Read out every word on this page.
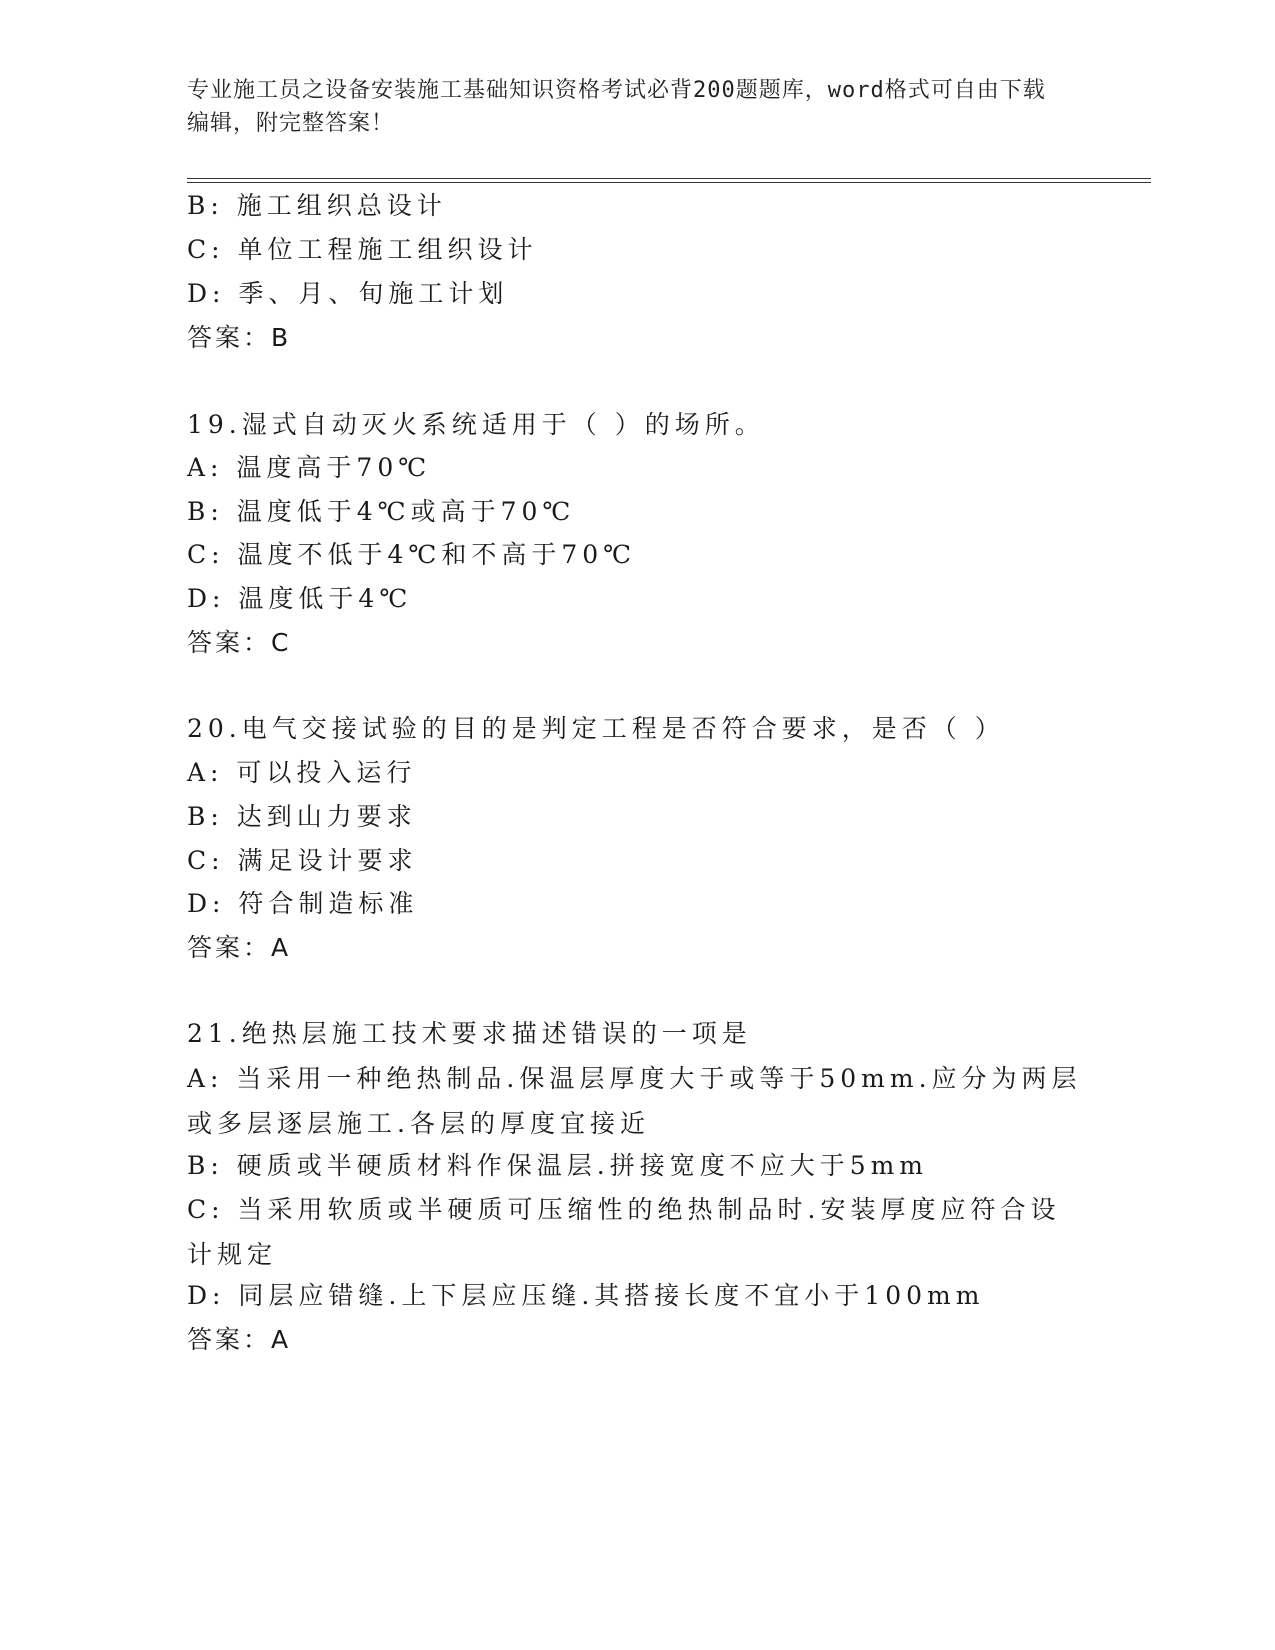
专业施工员之设备安装施工基础知识资格考试必背200题题库，word格式可自由下载编辑，附完整答案！
B: 施工组织总设计
C: 单位工程施工组织设计
D: 季、月、旬施工计划
答案：B
19.湿式自动灭火系统适用于（ ）的场所。
A: 温度高于70℃
B: 温度低于4℃或高于70℃
C: 温度不低于4℃和不高于70℃
D: 温度低于4℃
答案：C
20.电气交接试验的目的是判定工程是否符合要求，是否（ ）
A: 可以投入运行
B: 达到山力要求
C: 满足设计要求
D: 符合制造标准
答案：A
21.绝热层施工技术要求描述错误的一项是
A: 当采用一种绝热制品.保温层厚度大于或等于50mm.应分为两层或多层逐层施工.各层的厚度宜接近
B: 硬质或半硬质材料作保温层.拼接宽度不应大于5mm
C: 当采用软质或半硬质可压缩性的绝热制品时.安装厚度应符合设计规定
D: 同层应错缝.上下层应压缝.其搭接长度不宜小于100mm
答案：A
